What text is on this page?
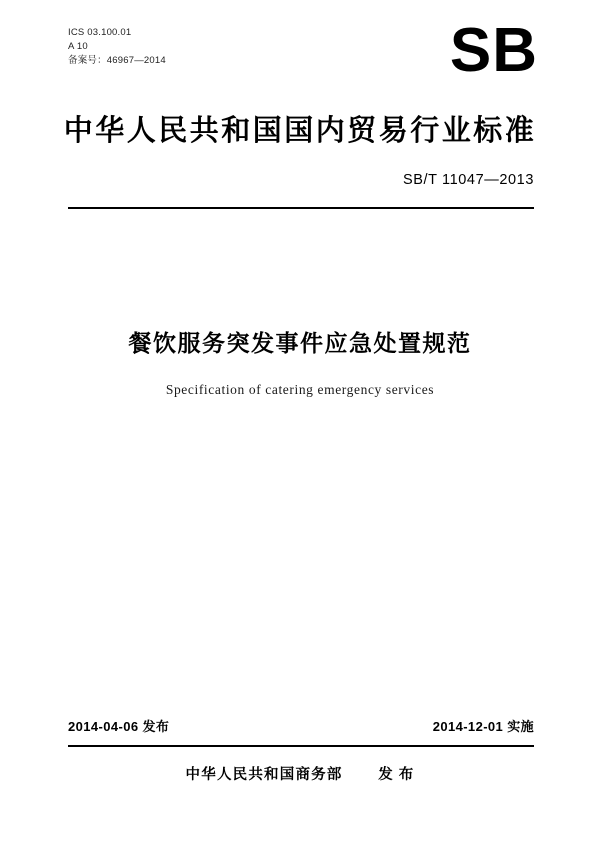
ICS 03.100.01
A 10
备案号：46967—2014	SB
中华人民共和国国内贸易行业标准
SB/T 11047—2013
餐饮服务突发事件应急处置规范
Specification of catering emergency services
2014-04-06 发布	2014-12-01 实施
中华人民共和国商务部 发 布
